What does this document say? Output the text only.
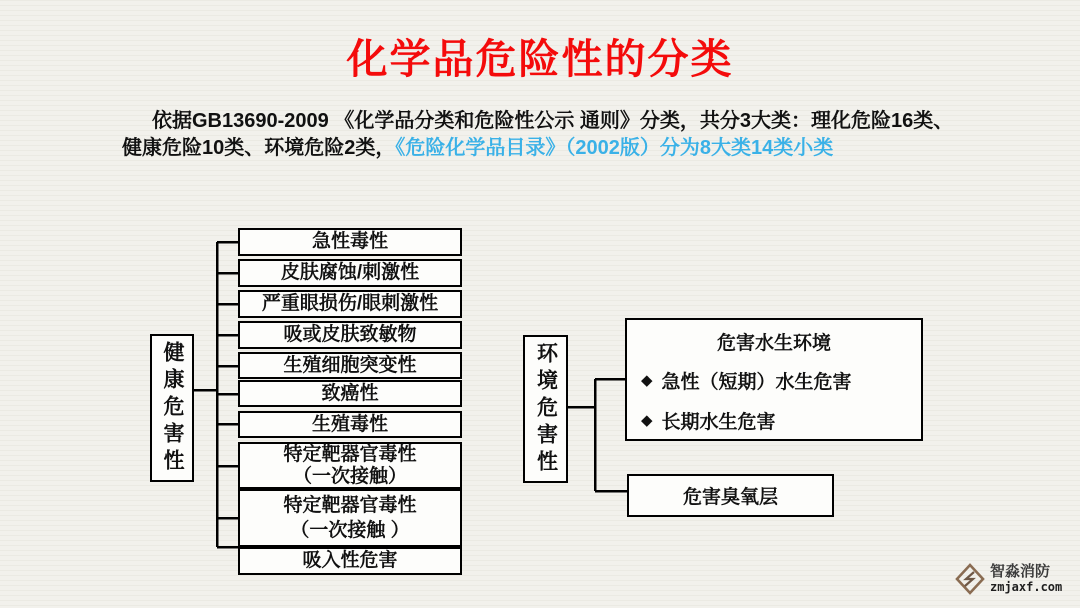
化学品危险性的分类

依据GB13690-2009 《化学品分类和危险性公示 通则》分类，共分3大类：理化危险16类、健康危险10类、环境危险2类，《危险化学品目录》（2002版）分为8大类14类小类

健康危害性
急性毒性
皮肤腐蚀/刺激性
严重眼损伤/眼刺激性
吸或皮肤致敏物
生殖细胞突变性
致癌性
生殖毒性
特定靶器官毒性
（一次接触）
特定靶器官毒性
（一次接触 ）
吸入性危害
环境危害性	危害水生环境
◆ 急性（短期）水生危害
◆ 长期水生危害
危害臭氧层
智淼消防
zmjaxf.com
